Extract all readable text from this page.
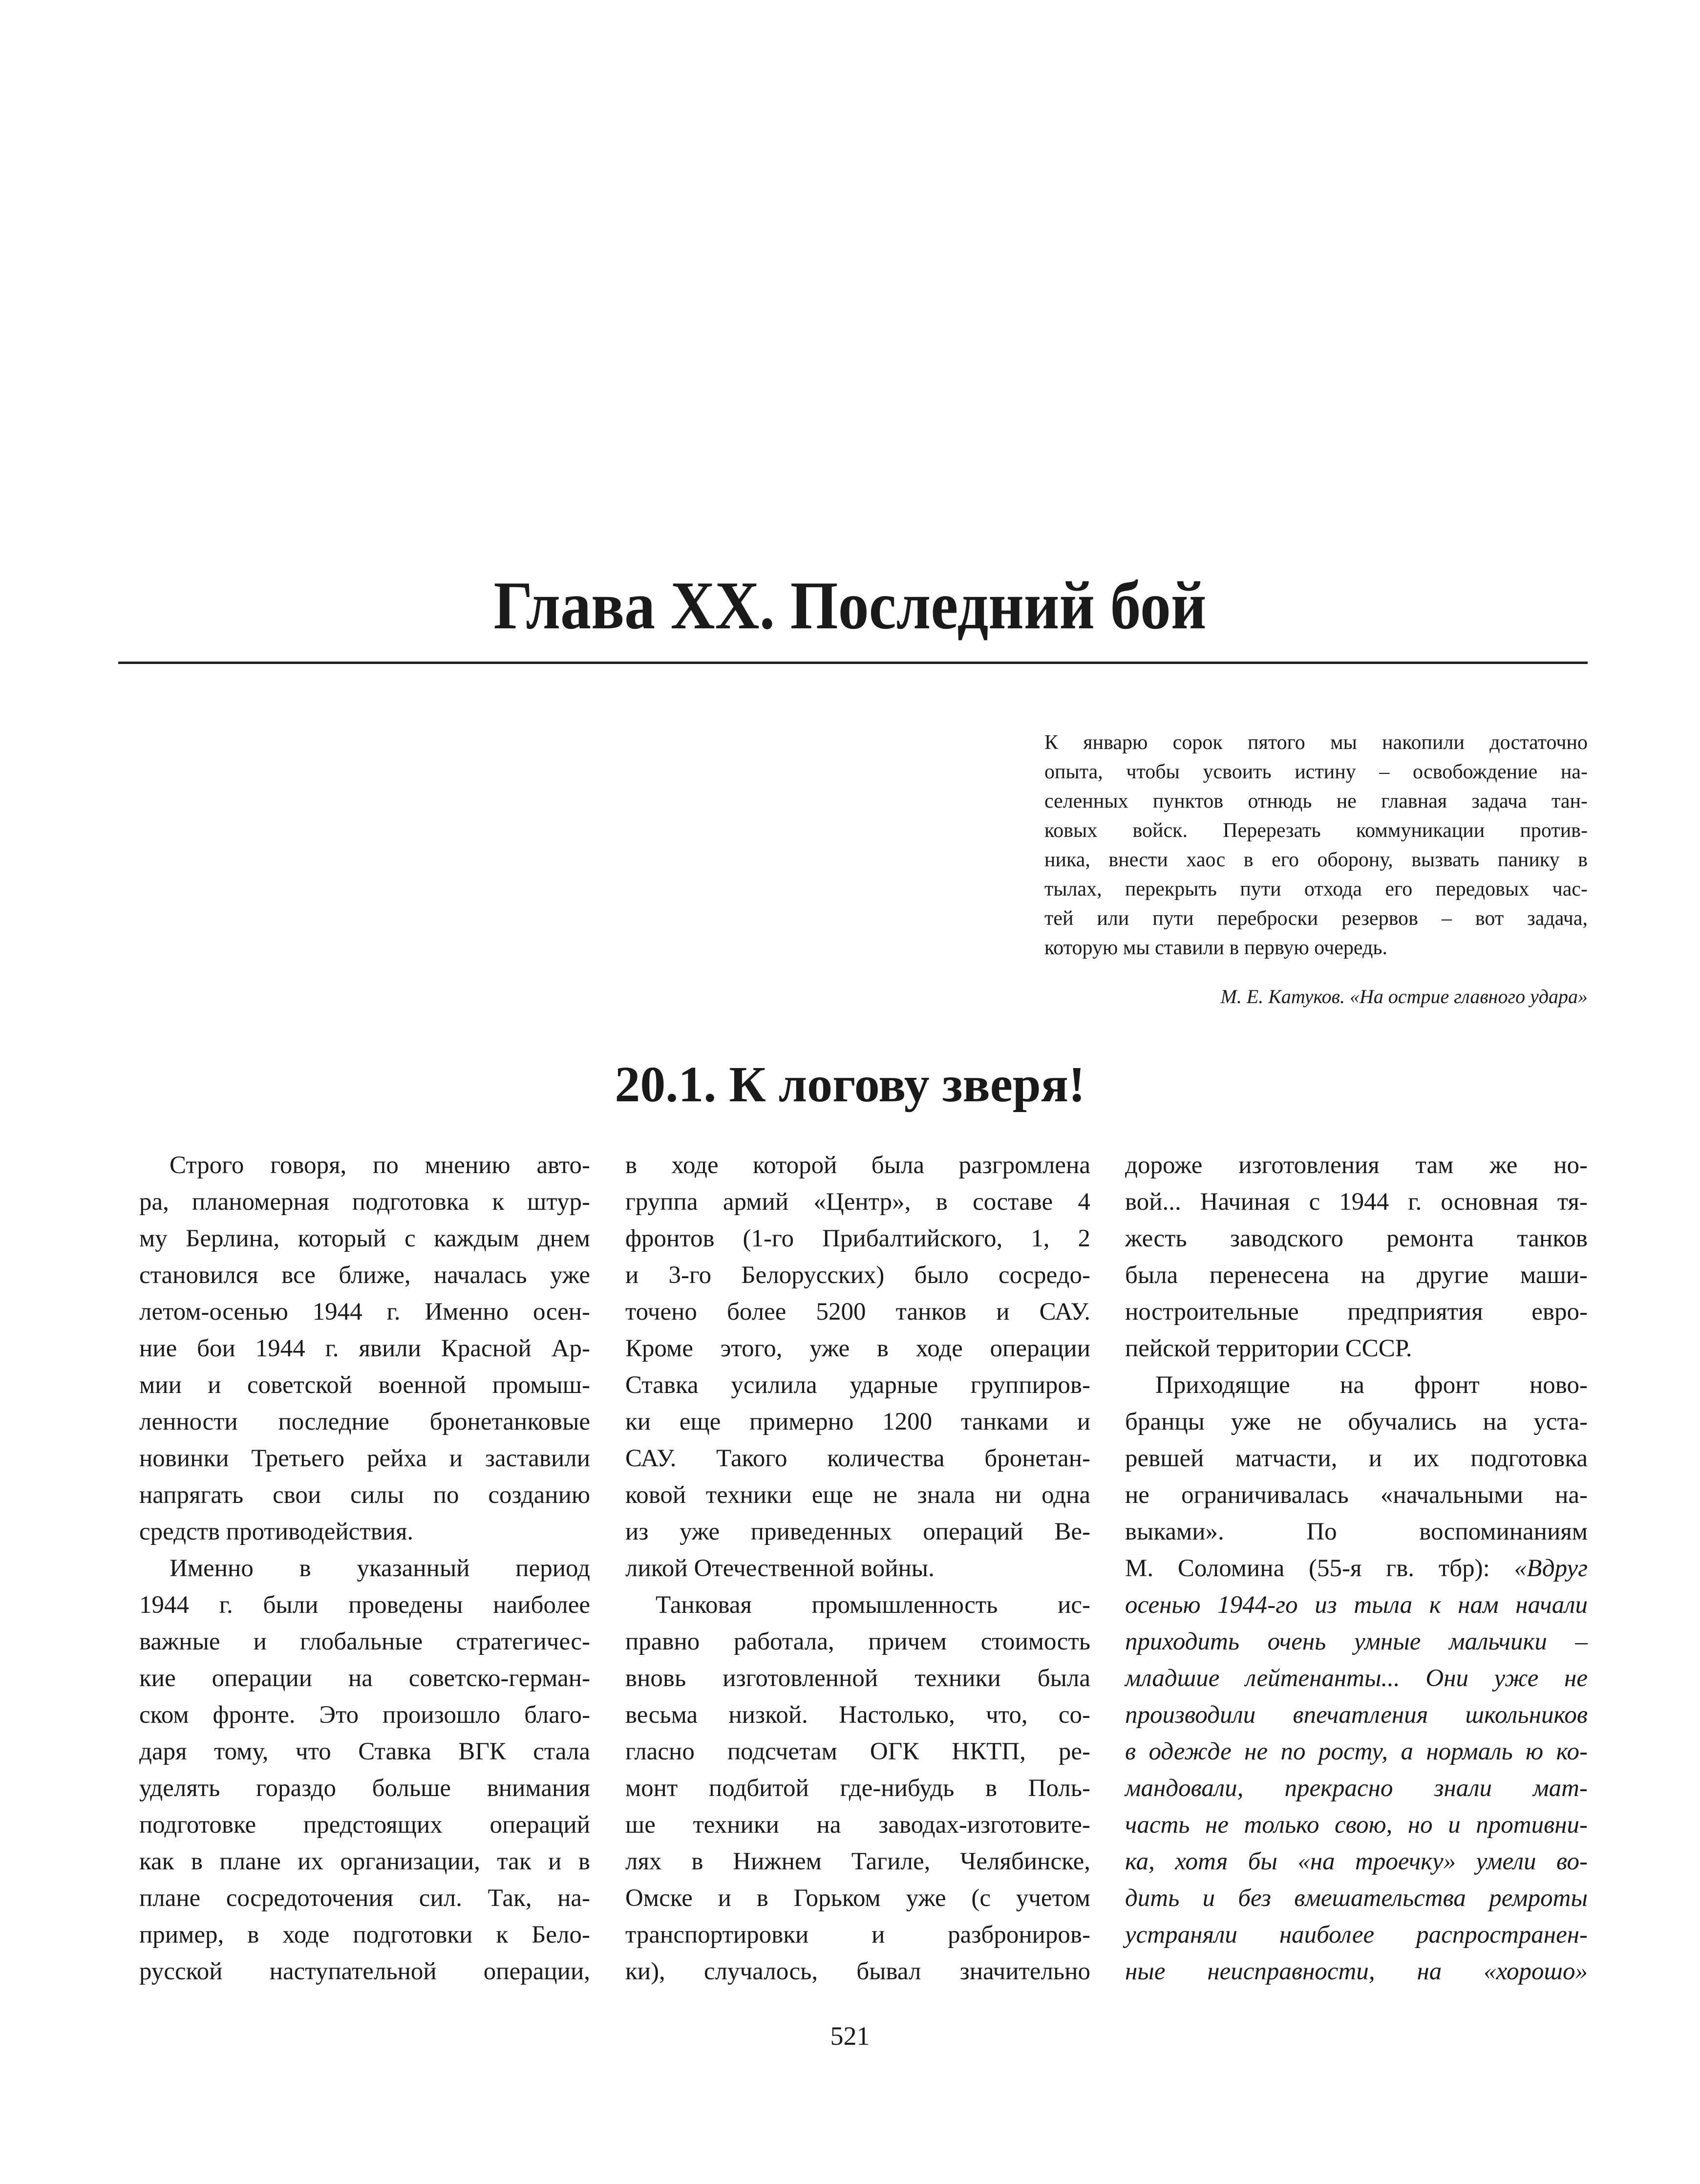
Глава XX. Последний бой
К январю сорок пятого мы накопили достаточно
опыта, чтобы усвоить истину – освобождение на-
селенных пунктов отнюдь не главная задача тан-
ковых войск. Перерезать коммуникации против-
ника, внести хаос в его оборону, вызвать панику в
тылах, перекрыть пути отхода его передовых час-
тей или пути переброски резервов – вот задача,
которую мы ставили в первую очередь.
М. Е. Катуков. «На острие главного удара»
20.1. К логову зверя!
Строго говоря, по мнению авто-
ра, планомерная подготовка к штур-
му Берлина, который с каждым днем
становился все ближе, началась уже
летом-осенью 1944 г. Именно осен-
ние бои 1944 г. явили Красной Ар-
мии и советской военной промыш-
ленности последние бронетанковые
новинки Третьего рейха и заставили
напрягать свои силы по созданию
средств противодействия.
Именно в указанный период
1944 г. были проведены наиболее
важные и глобальные стратегичес-
кие операции на советско-герман-
ском фронте. Это произошло благо-
даря тому, что Ставка ВГК стала
уделять гораздо больше внимания
подготовке предстоящих операций
как в плане их организации, так и в
плане сосредоточения сил. Так, на-
пример, в ходе подготовки к Бело-
русской наступательной операции,
в ходе которой была разгромлена
группа армий «Центр», в составе 4
фронтов (1-го Прибалтийского, 1, 2
и 3-го Белорусских) было сосредо-
точено более 5200 танков и САУ.
Кроме этого, уже в ходе операции
Ставка усилила ударные группиров-
ки еще примерно 1200 танками и
САУ. Такого количества бронетан-
ковой техники еще не знала ни одна
из уже приведенных операций Ве-
ликой Отечественной войны.
Танковая промышленность ис-
правно работала, причем стоимость
вновь изготовленной техники была
весьма низкой. Настолько, что, со-
гласно подсчетам ОГК НКТП, ре-
монт подбитой где-нибудь в Поль-
ше техники на заводах-изготовите-
лях в Нижнем Тагиле, Челябинске,
Омске и в Горьком уже (с учетом
транспортировки и разброниров-
ки), случалось, бывал значительно
дороже изготовления там же но-
вой... Начиная с 1944 г. основная тя-
жесть заводского ремонта танков
была перенесена на другие маши-
ностроительные предприятия евро-
пейской территории СССР.
Приходящие на фронт ново-
бранцы уже не обучались на уста-
ревшей матчасти, и их подготовка
не ограничивалась «начальными на-
выками». По воспоминаниям
М. Соломина (55-я гв. тбр): «Вдруг
осенью 1944-го из тыла к нам начали
приходить очень умные мальчики –
младшие лейтенанты... Они уже не
производили впечатления школьников
в одежде не по росту, а нормаль ю ко-
мандовали, прекрасно знали мат-
часть не только свою, но и противни-
ка, хотя бы «на троечку» умели во-
дить и без вмешательства ремроты
устраняли наиболее распространен-
ные неисправности, на «хорошо»
521
